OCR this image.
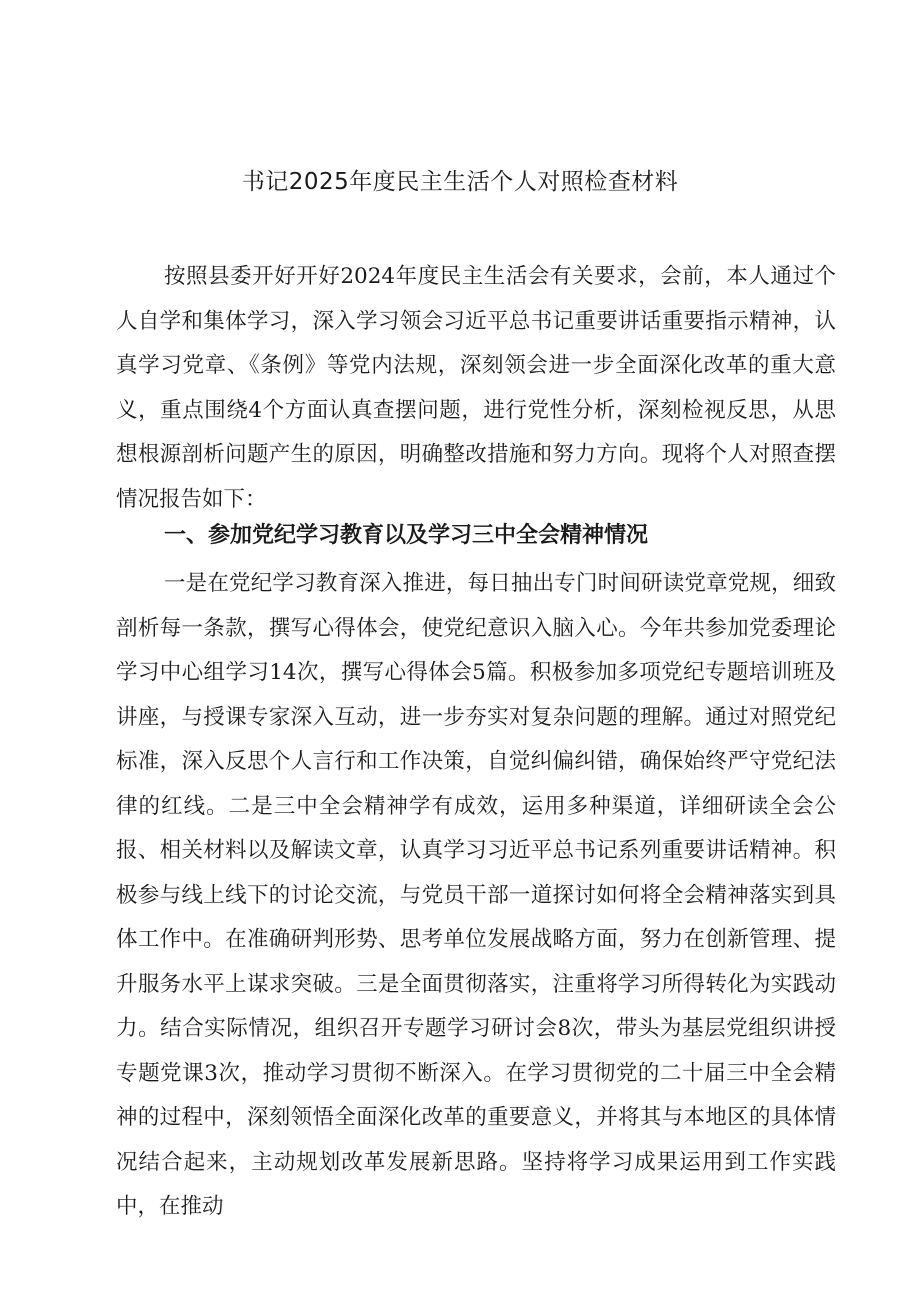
书记2025年度民主生活个人对照检查材料

按照县委开好开好2024年度民主生活会有关要求，会前，本人通过个人自学和集体学习，深入学习领会习近平总书记重要讲话重要指示精神，认真学习党章、《条例》等党内法规，深刻领会进一步全面深化改革的重大意义，重点围绕4个方面认真查摆问题，进行党性分析，深刻检视反思，从思想根源剖析问题产生的原因，明确整改措施和努力方向。现将个人对照查摆情况报告如下：

一、参加党纪学习教育以及学习三中全会精神情况

一是在党纪学习教育深入推进，每日抽出专门时间研读党章党规，细致剖析每一条款，撰写心得体会，使党纪意识入脑入心。今年共参加党委理论学习中心组学习14次，撰写心得体会5篇。积极参加多项党纪专题培训班及讲座，与授课专家深入互动，进一步夯实对复杂问题的理解。通过对照党纪标准，深入反思个人言行和工作决策，自觉纠偏纠错，确保始终严守党纪法律的红线。二是三中全会精神学有成效，运用多种渠道，详细研读全会公报、相关材料以及解读文章，认真学习习近平总书记系列重要讲话精神。积极参与线上线下的讨论交流，与党员干部一道探讨如何将全会精神落实到具体工作中。在准确研判形势、思考单位发展战略方面，努力在创新管理、提升服务水平上谋求突破。三是全面贯彻落实，注重将学习所得转化为实践动力。结合实际情况，组织召开专题学习研讨会8次，带头为基层党组织讲授专题党课3次，推动学习贯彻不断深入。在学习贯彻党的二十届三中全会精神的过程中，深刻领悟全面深化改革的重要意义，并将其与本地区的具体情况结合起来，主动规划改革发展新思路。坚持将学习成果运用到工作实践中，在推动
